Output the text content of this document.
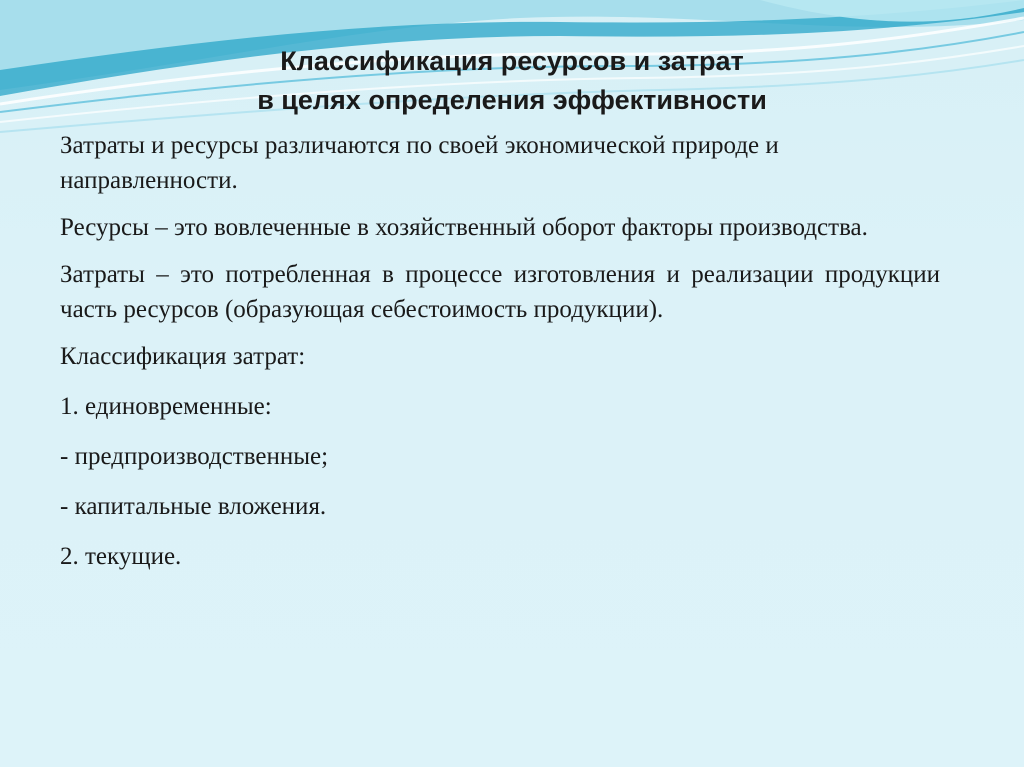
Классификация ресурсов и затрат
в целях определения эффективности

Затраты и ресурсы различаются по своей экономической природе и направленности.

Ресурсы – это вовлеченные в хозяйственный оборот факторы производства.

Затраты – это потребленная в процессе изготовления и реализации продукции часть ресурсов (образующая себестоимость продукции).

Классификация затрат:

1. единовременные:

- предпроизводственные;

- капитальные вложения.

2. текущие.
